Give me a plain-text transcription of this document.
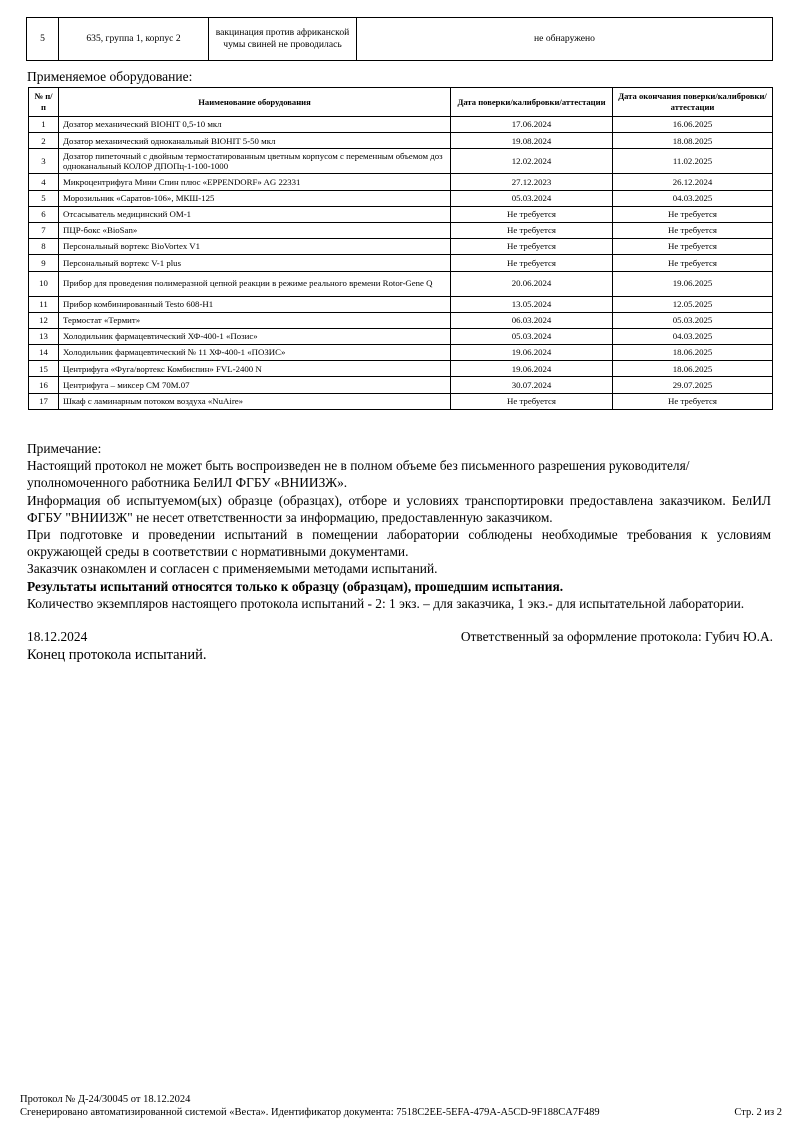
5	635, группа 1, корпус 2	вакцинация против африканской чумы свиней не проводилась	не обнаружено
Применяемое оборудование:
№ п/п	Наименование оборудования	Дата поверки/калибровки/аттестации	Дата окончания поверки/калибровки/аттестации
1	Дозатор механический BIOHIT 0,5-10 мкл	17.06.2024	16.06.2025
2	Дозатор механический одноканальный BIOHIT 5-50 мкл	19.08.2024	18.08.2025
3	Дозатор пипеточный с двойным термостатированным цветным корпусом с переменным объемом доз одноканальный КОЛОР ДПОПц-1-100-1000	12.02.2024	11.02.2025
4	Микроцентрифуга Мини Спин плюс «EPPENDORF» AG 22331	27.12.2023	26.12.2024
5	Морозильник «Саратов-106», МКШ-125	05.03.2024	04.03.2025
6	Отсасыватель медицинский ОМ-1	Не требуется	Не требуется
7	ПЦР-бокс «BioSan»	Не требуется	Не требуется
8	Персональный вортекс BioVortex V1	Не требуется	Не требуется
9	Персональный вортекс V-1 plus	Не требуется	Не требуется
10	Прибор для проведения полимеразной цепной реакции в режиме реального времени Rotor-Gene Q	20.06.2024	19.06.2025
11	Прибор комбинированный Testo 608-H1	13.05.2024	12.05.2025
12	Термостат «Термит»	06.03.2024	05.03.2025
13	Холодильник фармацевтический ХФ-400-1 «Позис»	05.03.2024	04.03.2025
14	Холодильник фармацевтический № 11 ХФ-400-1 «ПОЗИС»	19.06.2024	18.06.2025
15	Центрифуга «Фуга/вортекс Комбиспин» FVL-2400 N	19.06.2024	18.06.2025
16	Центрифуга – миксер СМ 70М.07	30.07.2024	29.07.2025
17	Шкаф с ламинарным потоком воздуха «NuAire»	Не требуется	Не требуется

Примечание:

Настоящий протокол не может быть воспроизведен не в полном объеме без письменного разрешения руководителя/уполномоченного работника БелИЛ ФГБУ «ВНИИЗЖ».

Информация об испытуемом(ых) образце (образцах), отборе и условиях транспортировки предоставлена заказчиком. БелИЛ ФГБУ "ВНИИЗЖ" не несет ответственности за информацию, предоставленную заказчиком.

При подготовке и проведении испытаний в помещении лаборатории соблюдены необходимые требования к условиям окружающей среды в соответствии с нормативными документами.

Заказчик ознакомлен и согласен с применяемыми методами испытаний.

Результаты испытаний относятся только к образцу (образцам), прошедшим испытания.

Количество экземпляров настоящего протокола испытаний - 2: 1 экз. – для заказчика, 1 экз.- для испытательной лаборатории.

18.12.2024	Ответственный за оформление протокола: Губич Ю.А.
Конец протокола испытаний.
Протокол № Д-24/30045 от 18.12.2024
Сгенерировано автоматизированной системой «Веста». Идентификатор документа: 7518C2EE-5EFA-479A-A5CD-9F188CA7F489	Стр. 2 из 2
